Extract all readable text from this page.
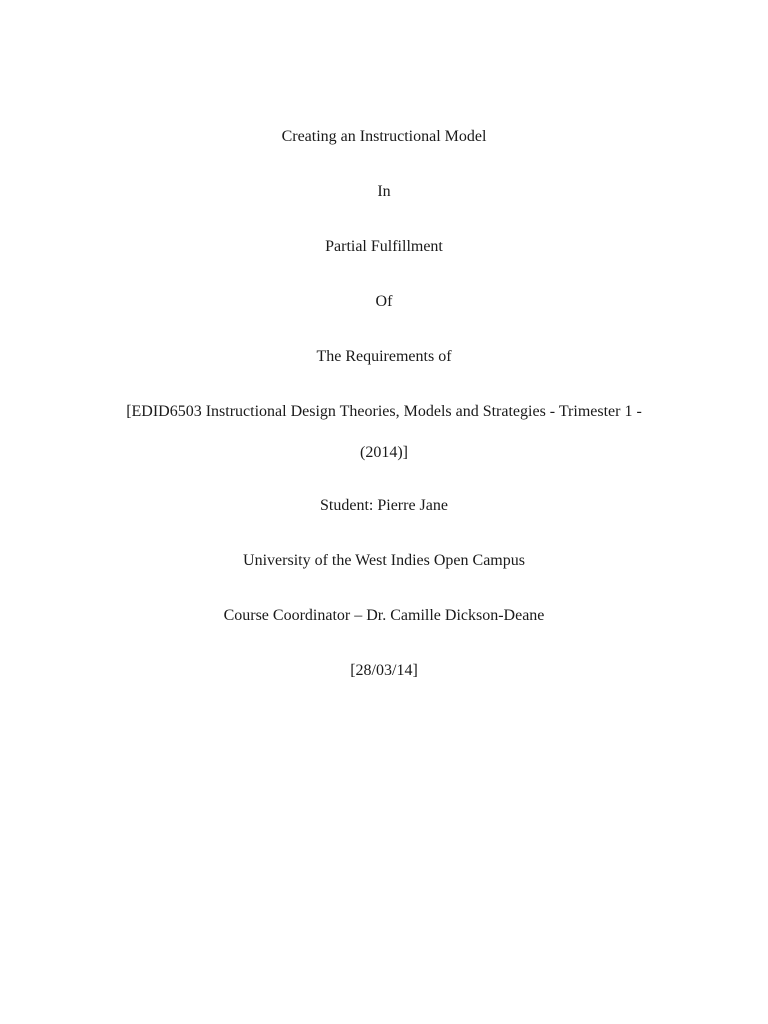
Creating an Instructional Model
In
Partial Fulfillment
Of
The Requirements of
[EDID6503 Instructional Design Theories, Models and Strategies - Trimester 1 -
(2014)]
Student: Pierre Jane
University of the West Indies Open Campus
Course Coordinator – Dr. Camille Dickson-Deane
[28/03/14]
